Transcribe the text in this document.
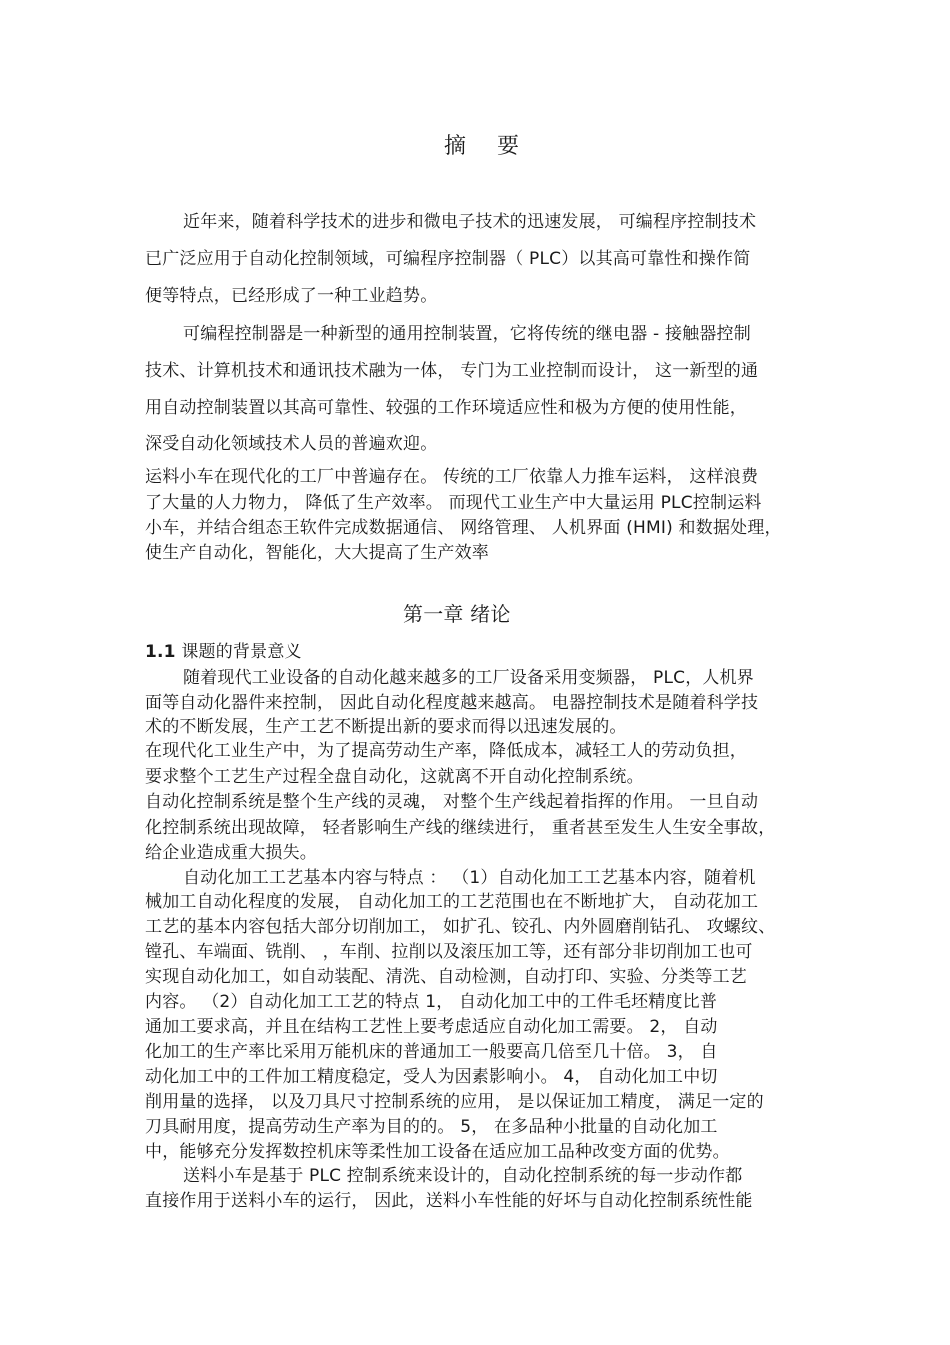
摘 要
近年来，随着科学技术的进步和微电子技术的迅速发展， 可编程序控制技术
已广泛应用于自动化控制领域，可编程序控制器（ PLC）以其高可靠性和操作简
便等特点，已经形成了一种工业趋势。
可编程控制器是一种新型的通用控制装置，它将传统的继电器 - 接触器控制
技术、计算机技术和通讯技术融为一体， 专门为工业控制而设计， 这一新型的通
用自动控制装置以其高可靠性、较强的工作环境适应性和极为方便的使用性能，
深受自动化领域技术人员的普遍欢迎。
运料小车在现代化的工厂中普遍存在。 传统的工厂依靠人力推车运料， 这样浪费
了大量的人力物力， 降低了生产效率。 而现代工业生产中大量运用 PLC控制运料
小车，并结合组态王软件完成数据通信、 网络管理、 人机界面 (HMI) 和数据处理，
使生产自动化，智能化，大大提高了生产效率
第一章 绪论
1.1 课题的背景意义
随着现代工业设备的自动化越来越多的工厂设备采用变频器， PLC，人机界
面等自动化器件来控制， 因此自动化程度越来越高。 电器控制技术是随着科学技
术的不断发展，生产工艺不断提出新的要求而得以迅速发展的。
在现代化工业生产中，为了提高劳动生产率，降低成本，减轻工人的劳动负担，
要求整个工艺生产过程全盘自动化，这就离不开自动化控制系统。
自动化控制系统是整个生产线的灵魂， 对整个生产线起着指挥的作用。 一旦自动
化控制系统出现故障， 轻者影响生产线的继续进行， 重者甚至发生人生安全事故，
给企业造成重大损失。
自动化加工工艺基本内容与特点 ： （1）自动化加工工艺基本内容，随着机
械加工自动化程度的发展， 自动化加工的工艺范围也在不断地扩大， 自动花加工
工艺的基本内容包括大部分切削加工， 如扩孔、铰孔、内外圆磨削钻孔、 攻螺纹、
镗孔、车端面、铣削、 ，车削、拉削以及滚压加工等，还有部分非切削加工也可
实现自动化加工，如自动装配、清洗、自动检测，自动打印、实验、分类等工艺
内容。 （2）自动化加工工艺的特点 1， 自动化加工中的工件毛坯精度比普
通加工要求高，并且在结构工艺性上要考虑适应自动化加工需要。 2， 自动
化加工的生产率比采用万能机床的普通加工一般要高几倍至几十倍。 3， 自
动化加工中的工件加工精度稳定，受人为因素影响小。 4， 自动化加工中切
削用量的选择， 以及刀具尺寸控制系统的应用， 是以保证加工精度， 满足一定的
刀具耐用度，提高劳动生产率为目的的。 5， 在多品种小批量的自动化加工
中，能够充分发挥数控机床等柔性加工设备在适应加工品种改变方面的优势。
送料小车是基于 PLC 控制系统来设计的，自动化控制系统的每一步动作都
直接作用于送料小车的运行， 因此，送料小车性能的好坏与自动化控制系统性能
